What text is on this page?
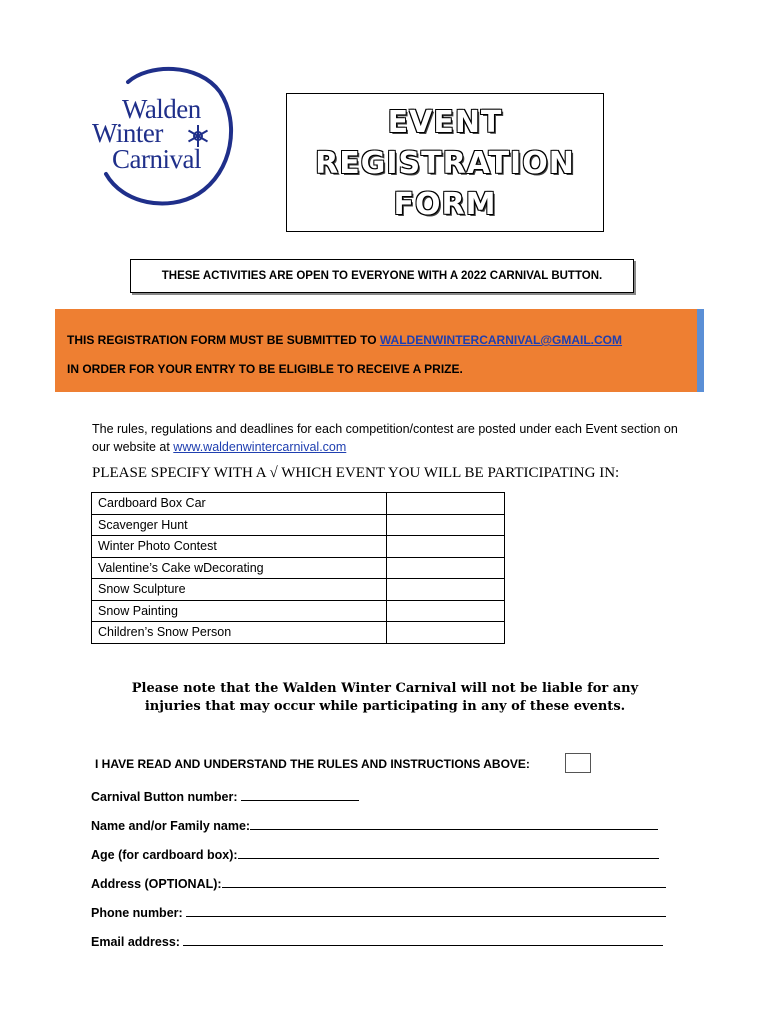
Walden
Winter
Carnival
EVENT
REGISTRATION
FORM
THESE ACTIVITIES ARE OPEN TO EVERYONE WITH A 2022 CARNIVAL BUTTON.
THIS REGISTRATION FORM MUST BE SUBMITTED TO WALDENWINTERCARNIVAL@GMAIL.COM
IN ORDER FOR YOUR ENTRY TO BE ELIGIBLE TO RECEIVE A PRIZE.
The rules, regulations and deadlines for each competition/contest are posted under each Event section on our website at www.waldenwintercarnival.com
PLEASE SPECIFY WITH A √ WHICH EVENT YOU WILL BE PARTICIPATING IN:
Cardboard Box Car	
Scavenger Hunt	
Winter Photo Contest	
Valentine’s Cake wDecorating	
Snow Sculpture	
Snow Painting	
Children’s Snow Person	
Please note that the Walden Winter Carnival will not be liable for any
injuries that may occur while participating in any of these events.
I HAVE READ AND UNDERSTAND THE RULES AND INSTRUCTIONS ABOVE:
Carnival Button number:
Name and/or Family name:
Age (for cardboard box):
Address (OPTIONAL):
Phone number:
Email address:
